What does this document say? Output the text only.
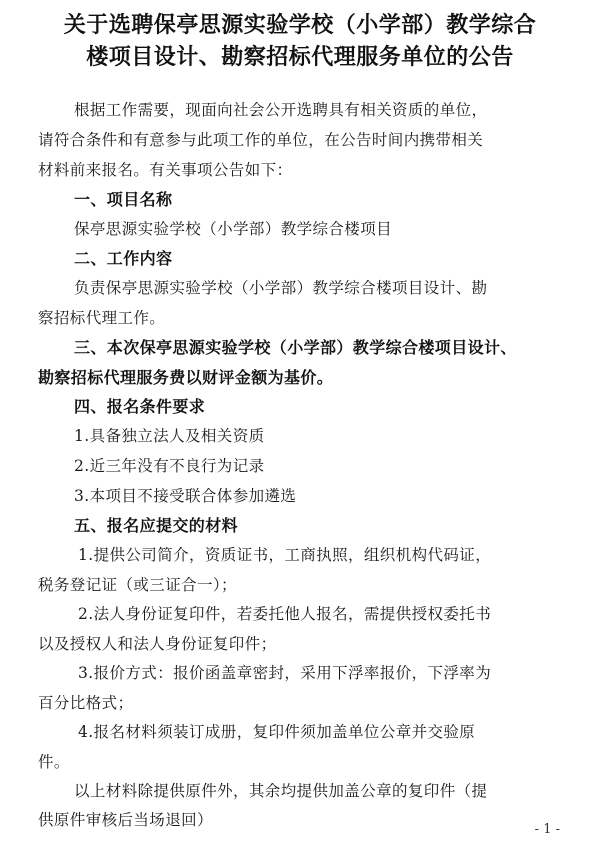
关于选聘保亭思源实验学校（小学部）教学综合
楼项目设计、勘察招标代理服务单位的公告
根据工作需要，现面向社会公开选聘具有相关资质的单位，
请符合条件和有意参与此项工作的单位，在公告时间内携带相关
材料前来报名。有关事项公告如下：
一、项目名称
保亭思源实验学校（小学部）教学综合楼项目
二、工作内容
负责保亭思源实验学校（小学部）教学综合楼项目设计、勘
察招标代理工作。
三、本次保亭思源实验学校（小学部）教学综合楼项目设计、
勘察招标代理服务费以财评金额为基价。
四、报名条件要求
1.具备独立法人及相关资质
2.近三年没有不良行为记录
3.本项目不接受联合体参加遴选
五、报名应提交的材料
1.提供公司简介，资质证书，工商执照，组织机构代码证，
税务登记证（或三证合一）；
2.法人身份证复印件，若委托他人报名，需提供授权委托书
以及授权人和法人身份证复印件；
3.报价方式：报价函盖章密封，采用下浮率报价，下浮率为
百分比格式；
4.报名材料须装订成册，复印件须加盖单位公章并交验原
件。
以上材料除提供原件外，其余均提供加盖公章的复印件（提
供原件审核后当场退回）
- 1 -
